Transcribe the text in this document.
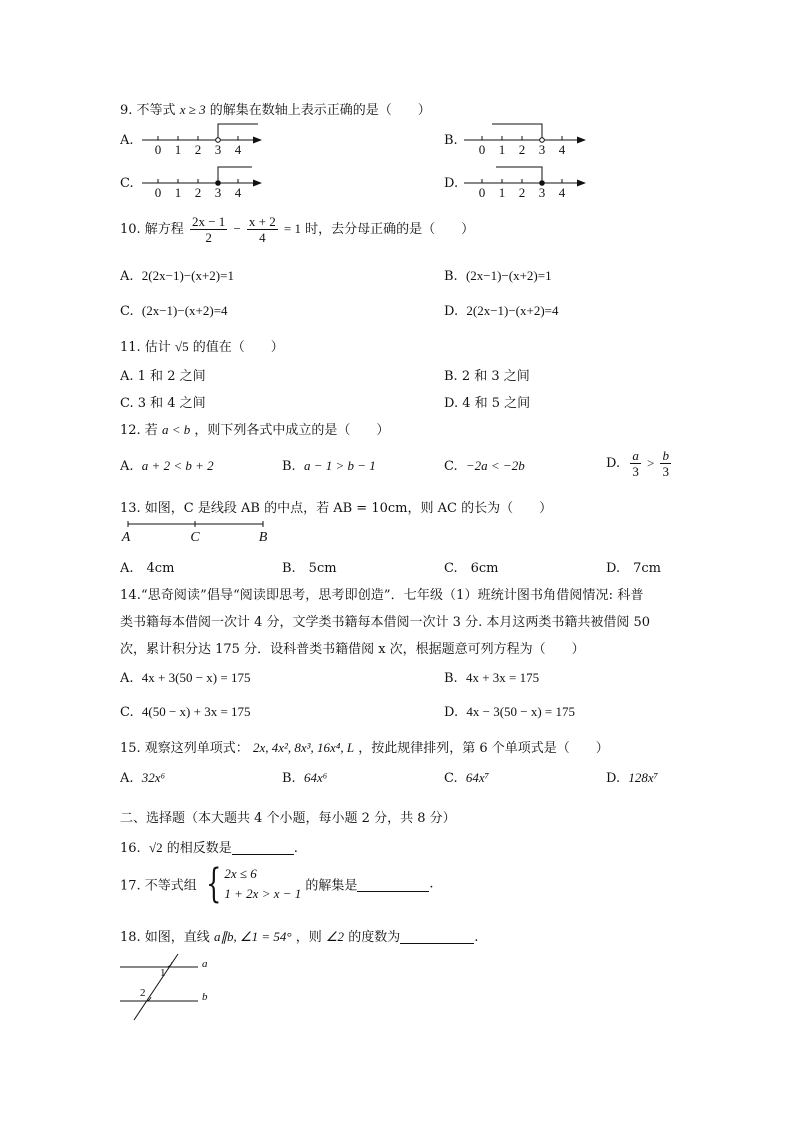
9. 不等式 x ≥ 3 的解集在数轴上表示正确的是（　　）
A.
0 1 2 3 4
B.
0 1 2 3 4
C.
0 1 2 3 4
D.
0 1 2 3 4
10. 解方程 $\frac{2x - 1}{2} - \frac{x + 2}{4} = 1$ 时，去分母正确的是（　　）
A. 2(2x−1)−(x+2)=1	B. (2x−1)−(x+2)=1
C. (2x−1)−(x+2)=4	D. 2(2x−1)−(x+2)=4
11. 估计 √5 的值在（　　）
A. 1 和 2 之间	B. 2 和 3 之间
C. 3 和 4 之间	D. 4 和 5 之间
12. 若 a < b ，则下列各式中成立的是（　　）
A. a + 2 < b + 2	B. a − 1 > b − 1	C. −2a < −2b	D. $\frac{a}{3} > \frac{b}{3}$
13. 如图，C 是线段 AB 的中点，若 AB = 10cm，则 AC 的长为（　　）
A	C	B
A.　4cm	B.　5cm	C.　6cm	D.　7cm
14.“思奇阅读”倡导“阅读即思考，思考即创造”．七年级（1）班统计图书角借阅情况: 科普
类书籍每本借阅一次计 4 分，文学类书籍每本借阅一次计 3 分. 本月这两类书籍共被借阅 50
次，累计积分达 175 分．设科普类书籍借阅 x 次，根据题意可列方程为（　　）
A. 4x + 3(50 − x) = 175	B. 4x + 3x = 175
C. 4(50 − x) + 3x = 175	D. 4x − 3(50 − x) = 175
15. 观察这列单项式： 2x, 4x², 8x³, 16x⁴, L ，按此规律排列，第 6 个单项式是（　　）
A. 32x⁶	B. 64x⁶	C. 64x⁷	D. 128x⁷
二、选择题（本大题共 4 个小题，每小题 2 分，共 8 分）
16. √2 的相反数是	.
17. 不等式组 { 2x ≤ 6
1 + 2x > x − 1 的解集是	.
18. 如图，直线 a∥b, ∠1 = 54° ，则 ∠2 的度数为	.
a
b
1
2
